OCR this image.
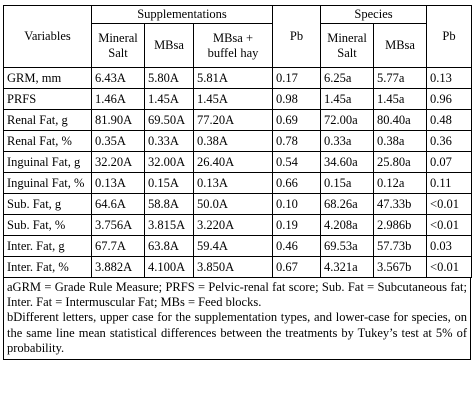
Variables	Supplementations			Pb	Species		Pb
	Mineral Salt	MBsa	MBsa + buffel hay		Mineral Salt	MBsa	
GRM, mm	6.43A	5.80A	5.81A	0.17	6.25a	5.77a	0.13
PRFS	1.46A	1.45A	1.45A	0.98	1.45a	1.45a	0.96
Renal Fat, g	81.90A	69.50A	77.20A	0.69	72.00a	80.40a	0.48
Renal Fat, %	0.35A	0.33A	0.38A	0.78	0.33a	0.38a	0.36
Inguinal Fat, g	32.20A	32.00A	26.40A	0.54	34.60a	25.80a	0.07
Inguinal Fat, %	0.13A	0.15A	0.13A	0.66	0.15a	0.12a	0.11
Sub. Fat, g	64.6A	58.8A	50.0A	0.10	68.26a	47.33b	<0.01
Sub. Fat, %	3.756A	3.815A	3.220A	0.19	4.208a	2.986b	<0.01
Inter. Fat, g	67.7A	63.8A	59.4A	0.46	69.53a	57.73b	0.03
Inter. Fat, %	3.882A	4.100A	3.850A	0.67	4.321a	3.567b	<0.01

aGRM = Grade Rule Measure; PRFS = Pelvic-renal fat score; Sub. Fat = Subcutaneous fat; Inter. Fat = Intermuscular Fat; MBs = Feed blocks.

bDifferent letters, upper case for the supplementation types, and lower-case for species, on the same line mean statistical differences between the treatments by Tukey’s test at 5% of probability.
